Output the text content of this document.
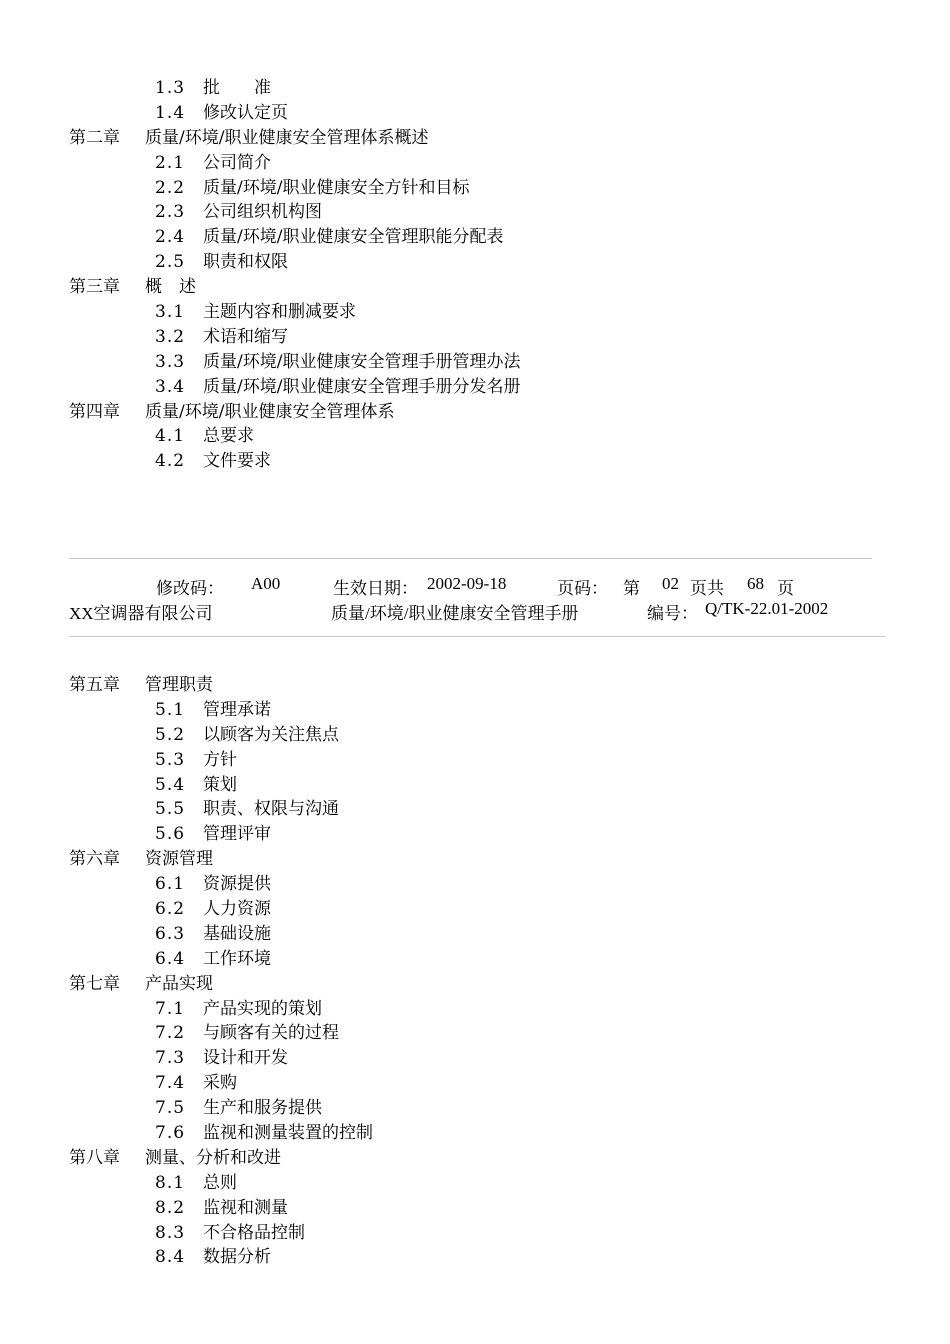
1.3 批　　准
1.4 修改认定页
第二章 质量/环境/职业健康安全管理体系概述
2.1 公司简介
2.2 质量/环境/职业健康安全方针和目标
2.3 公司组织机构图
2.4 质量/环境/职业健康安全管理职能分配表
2.5 职责和权限
第三章 概　述
3.1 主题内容和删减要求
3.2 术语和缩写
3.3 质量/环境/职业健康安全管理手册管理办法
3.4 质量/环境/职业健康安全管理手册分发名册
第四章 质量/环境/职业健康安全管理体系
4.1 总要求
4.2 文件要求
修改码： A00	生效日期： 2002-09-18	页码： 第 02 页共 68 页
XX空调器有限公司	质量/环境/职业健康安全管理手册	编号： Q/TK-22.01-2002
第五章 管理职责
5.1 管理承诺
5.2 以顾客为关注焦点
5.3 方针
5.4 策划
5.5 职责、权限与沟通
5.6 管理评审
第六章 资源管理
6.1 资源提供
6.2 人力资源
6.3 基础设施
6.4 工作环境
第七章 产品实现
7.1 产品实现的策划
7.2 与顾客有关的过程
7.3 设计和开发
7.4 采购
7.5 生产和服务提供
7.6 监视和测量装置的控制
第八章 测量、分析和改进
8.1 总则
8.2 监视和测量
8.3 不合格品控制
8.4 数据分析
